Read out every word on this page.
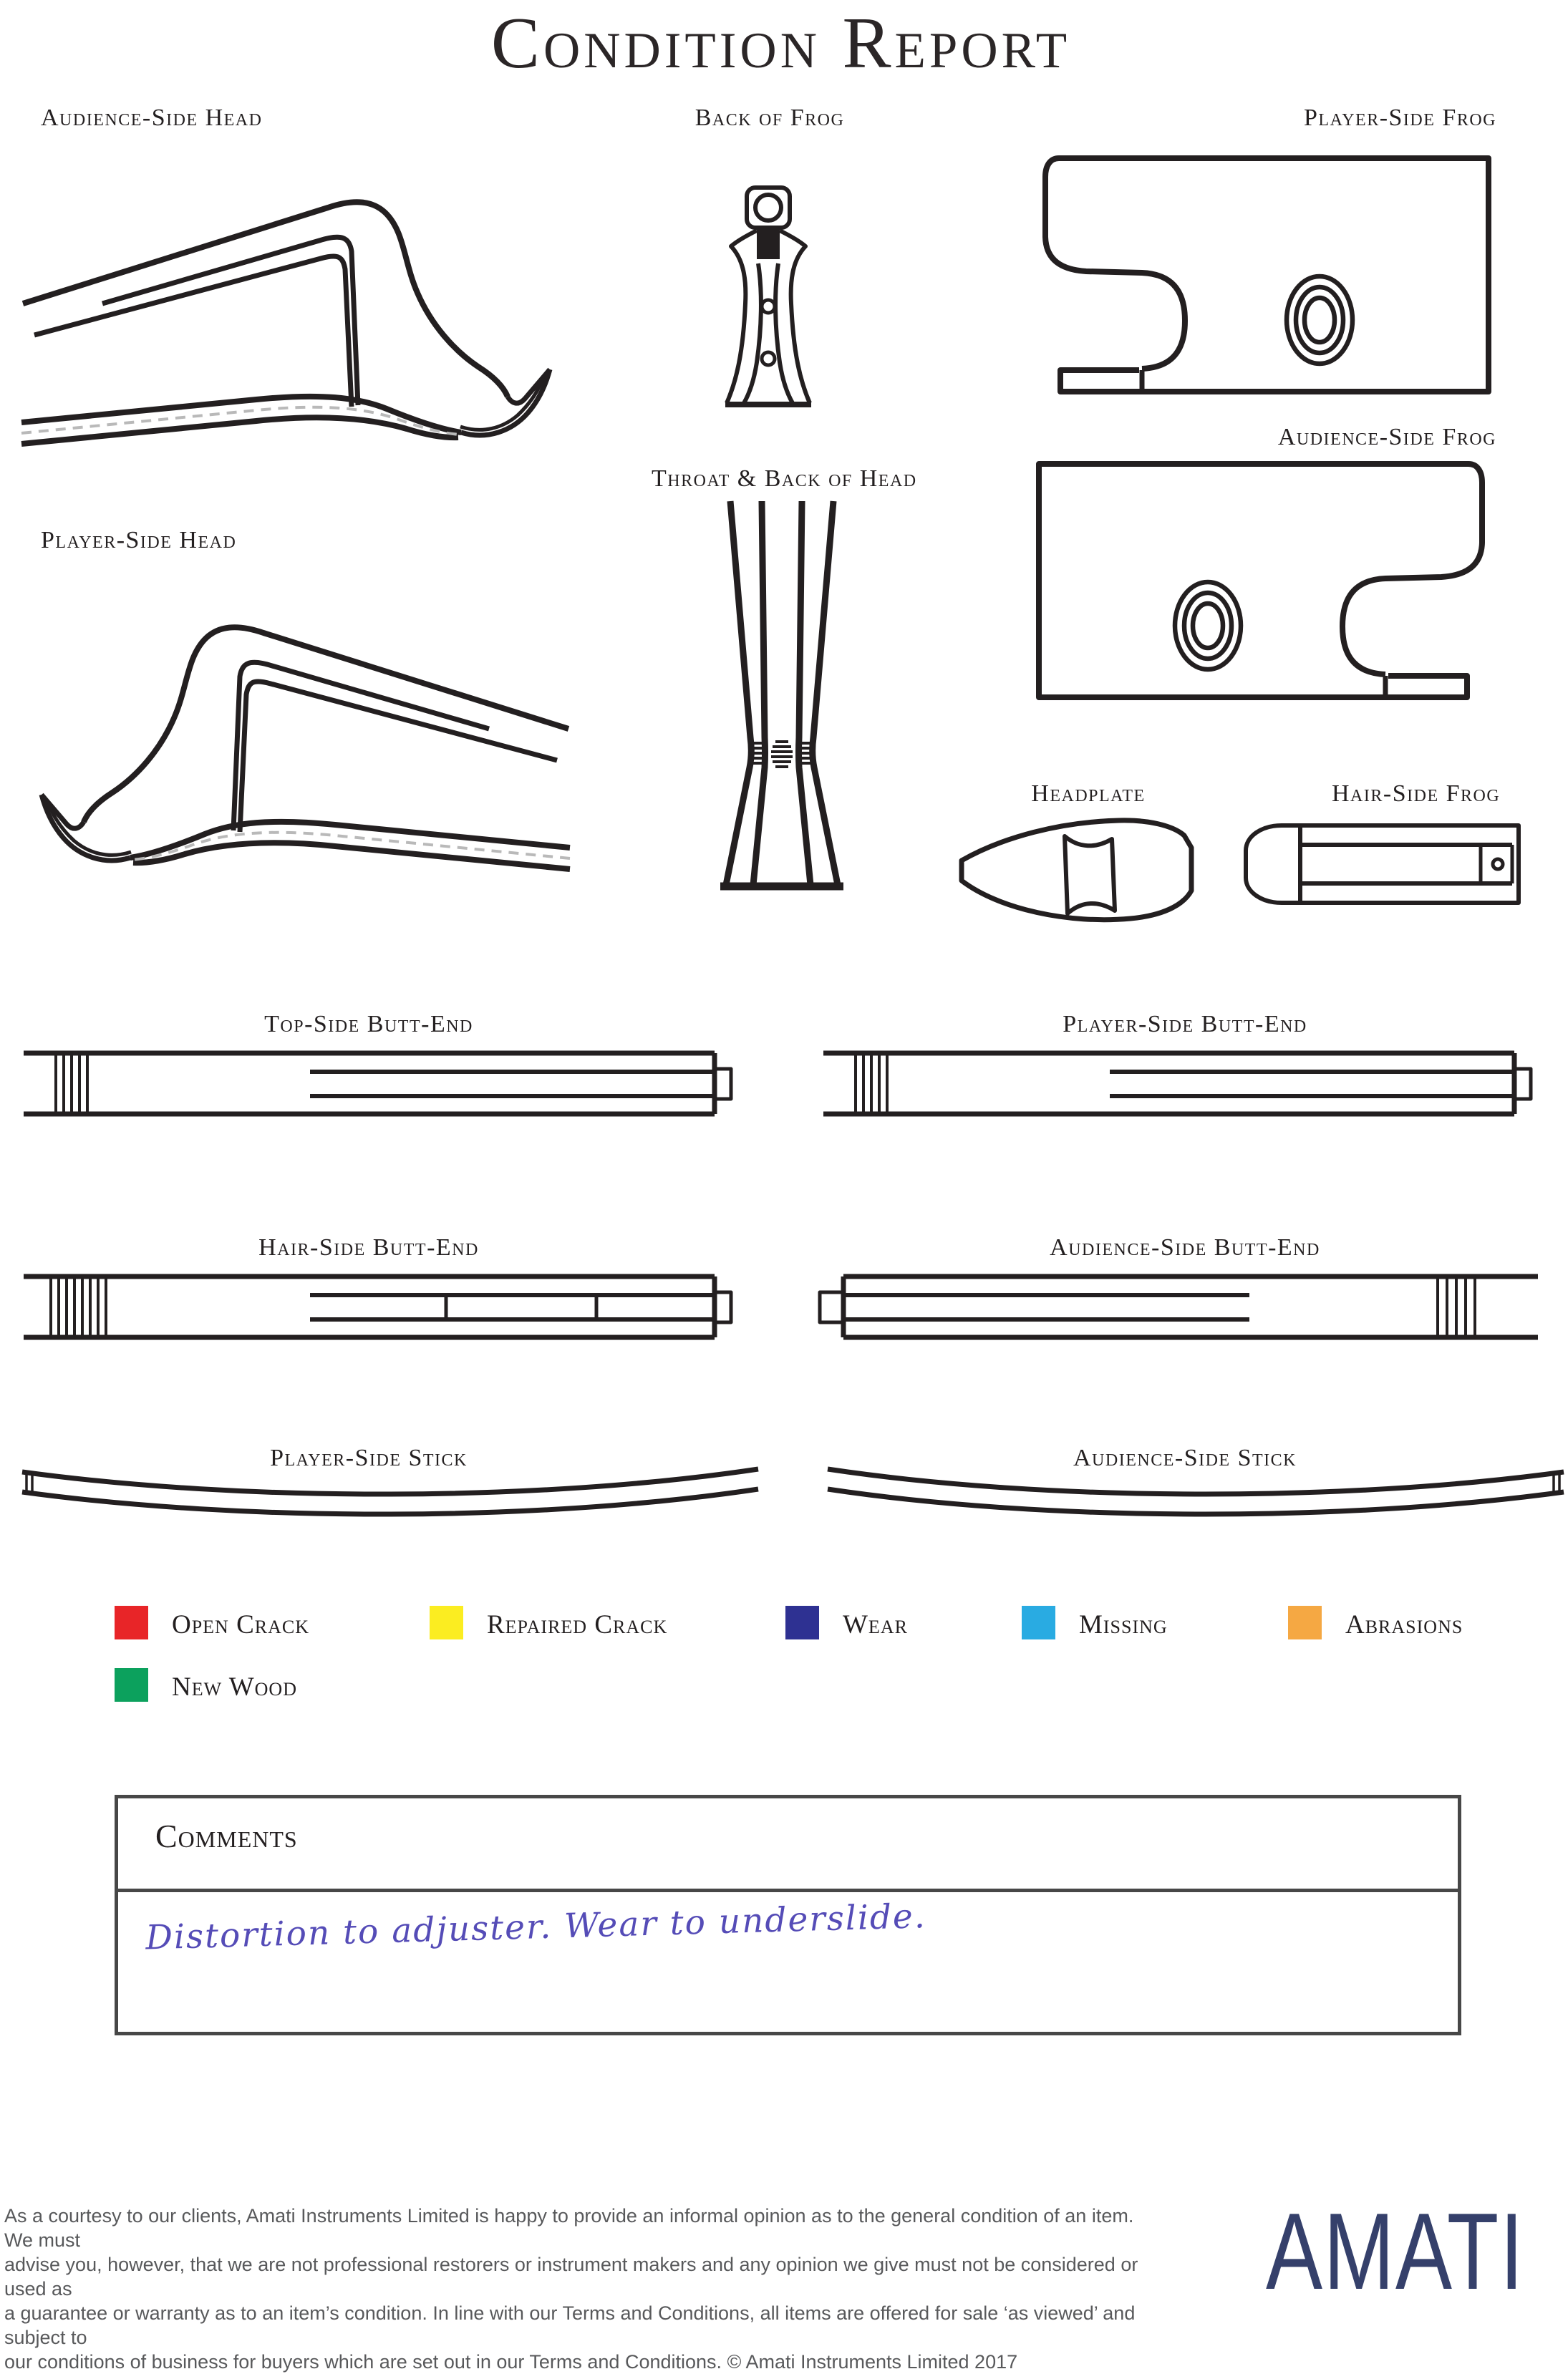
Condition Report
Audience-Side Head	Back of Frog	Player-Side Frog
Audience-Side Frog
Player-Side Head
Throat & Back of Head
Headplate	Hair-Side Frog
Top-Side Butt-End	Player-Side Butt-End
Hair-Side Butt-End	Audience-Side Butt-End
Player-Side Stick	Audience-Side Stick
Open Crack	Repaired Crack	Wear	Missing	Abrasions
New Wood
Comments
Distortion to adjuster. Wear to underslide.
As a courtesy to our clients, Amati Instruments Limited is happy to provide an informal opinion as to the general condition of an item. We must
advise you, however, that we are not professional restorers or instrument makers and any opinion we give must not be considered or used as
a guarantee or warranty as to an item’s condition. In line with our Terms and Conditions, all items are offered for sale ‘as viewed’ and subject to
our conditions of business for buyers which are set out in our Terms and Conditions. © Amati Instruments Limited 2017
AMATI
